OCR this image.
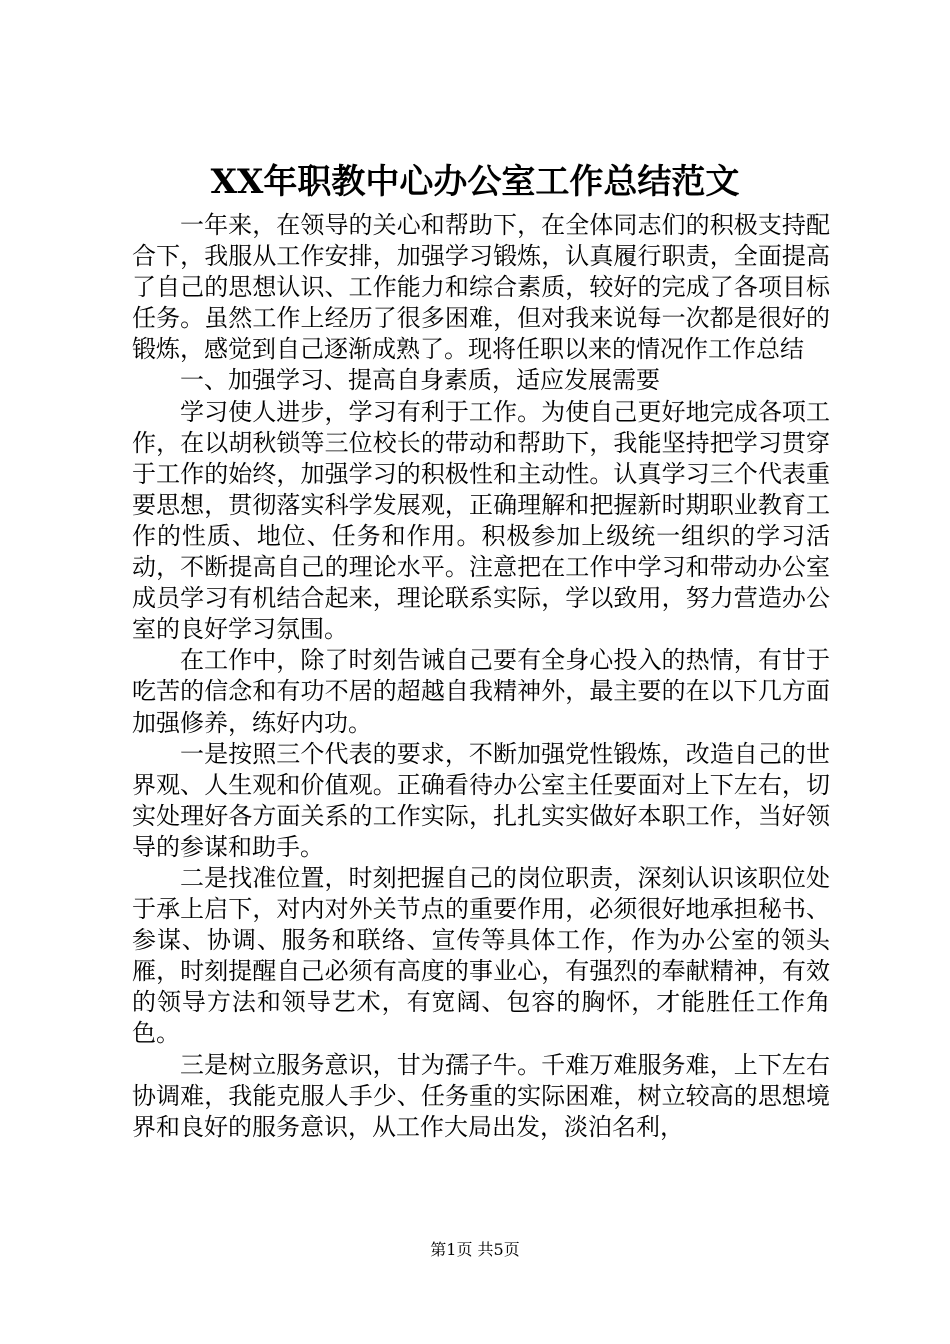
XX年职教中心办公室工作总结范文

一年来，在领导的关心和帮助下，在全体同志们的积极支持配合下，我服从工作安排，加强学习锻炼，认真履行职责，全面提高了自己的思想认识、工作能力和综合素质，较好的完成了各项目标任务。虽然工作上经历了很多困难，但对我来说每一次都是很好的锻炼，感觉到自己逐渐成熟了。现将任职以来的情况作工作总结

一、加强学习、提高自身素质，适应发展需要

学习使人进步，学习有利于工作。为使自己更好地完成各项工作，在以胡秋锁等三位校长的带动和帮助下，我能坚持把学习贯穿于工作的始终，加强学习的积极性和主动性。认真学习三个代表重要思想，贯彻落实科学发展观，正确理解和把握新时期职业教育工作的性质、地位、任务和作用。积极参加上级统一组织的学习活动，不断提高自己的理论水平。注意把在工作中学习和带动办公室成员学习有机结合起来，理论联系实际，学以致用，努力营造办公室的良好学习氛围。

在工作中，除了时刻告诫自己要有全身心投入的热情，有甘于吃苦的信念和有功不居的超越自我精神外，最主要的在以下几方面加强修养，练好内功。

一是按照三个代表的要求，不断加强党性锻炼，改造自己的世界观、人生观和价值观。正确看待办公室主任要面对上下左右，切实处理好各方面关系的工作实际，扎扎实实做好本职工作，当好领导的参谋和助手。

二是找准位置，时刻把握自己的岗位职责，深刻认识该职位处于承上启下，对内对外关节点的重要作用，必须很好地承担秘书、参谋、协调、服务和联络、宣传等具体工作，作为办公室的领头雁，时刻提醒自己必须有高度的事业心，有强烈的奉献精神，有效的领导方法和领导艺术，有宽阔、包容的胸怀，才能胜任工作角色。

三是树立服务意识，甘为孺子牛。千难万难服务难，上下左右协调难，我能克服人手少、任务重的实际困难，树立较高的思想境界和良好的服务意识，从工作大局出发，淡泊名利，

第1页 共5页
